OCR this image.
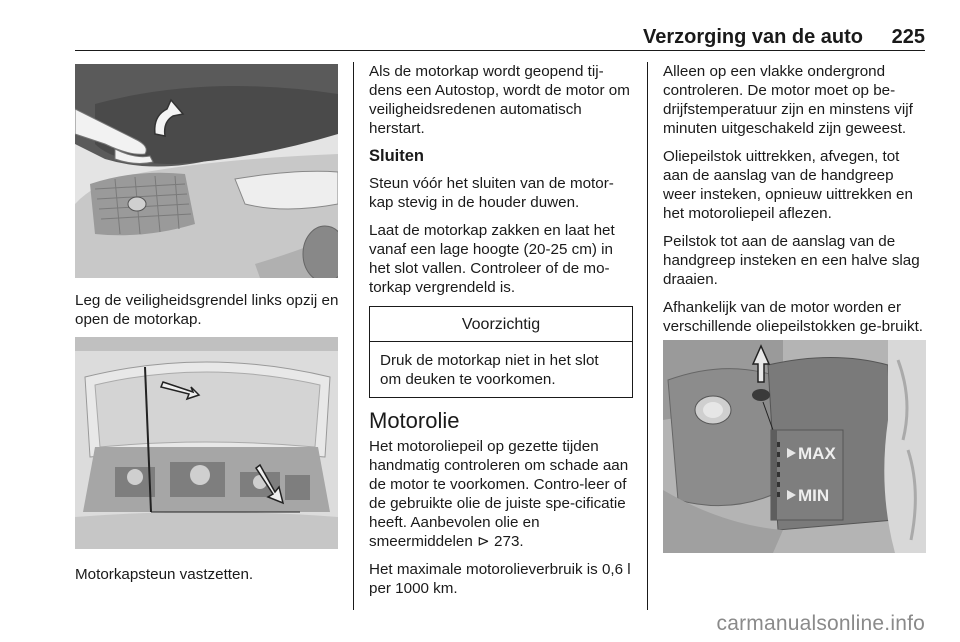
Verzorging van de auto 225
Leg de veiligheidsgrendel links opzij en open de motorkap.
Motorkapsteun vastzetten.

Als de motorkap wordt geopend tij-dens een Autostop, wordt de motor om veiligheidsredenen automatisch herstart.

Sluiten

Steun vóór het sluiten van de motor-kap stevig in de houder duwen.

Laat de motorkap zakken en laat het vanaf een lage hoogte (20-25 cm) in het slot vallen. Controleer of de mo-torkap vergrendeld is.

Voorzichtig
Druk de motorkap niet in het slot om deuken te voorkomen.
Motorolie

Het motoroliepeil op gezette tijden handmatig controleren om schade aan de motor te voorkomen. Contro-leer of de gebruikte olie de juiste spe-cificatie heeft. Aanbevolen olie en smeermiddelen ⊳ 273.

Het maximale motorolieverbruik is 0,6 l per 1000 km.

Alleen op een vlakke ondergrond controleren. De motor moet op be-drijfstemperatuur zijn en minstens vijf minuten uitgeschakeld zijn geweest.

Oliepeilstok uittrekken, afvegen, tot aan de aanslag van de handgreep weer insteken, opnieuw uittrekken en het motoroliepeil aflezen.

Peilstok tot aan de aanslag van de handgreep insteken en een halve slag draaien.

Afhankelijk van de motor worden er verschillende oliepeilstokken ge-bruikt.

MAX
MIN
carmanualsonline.info
